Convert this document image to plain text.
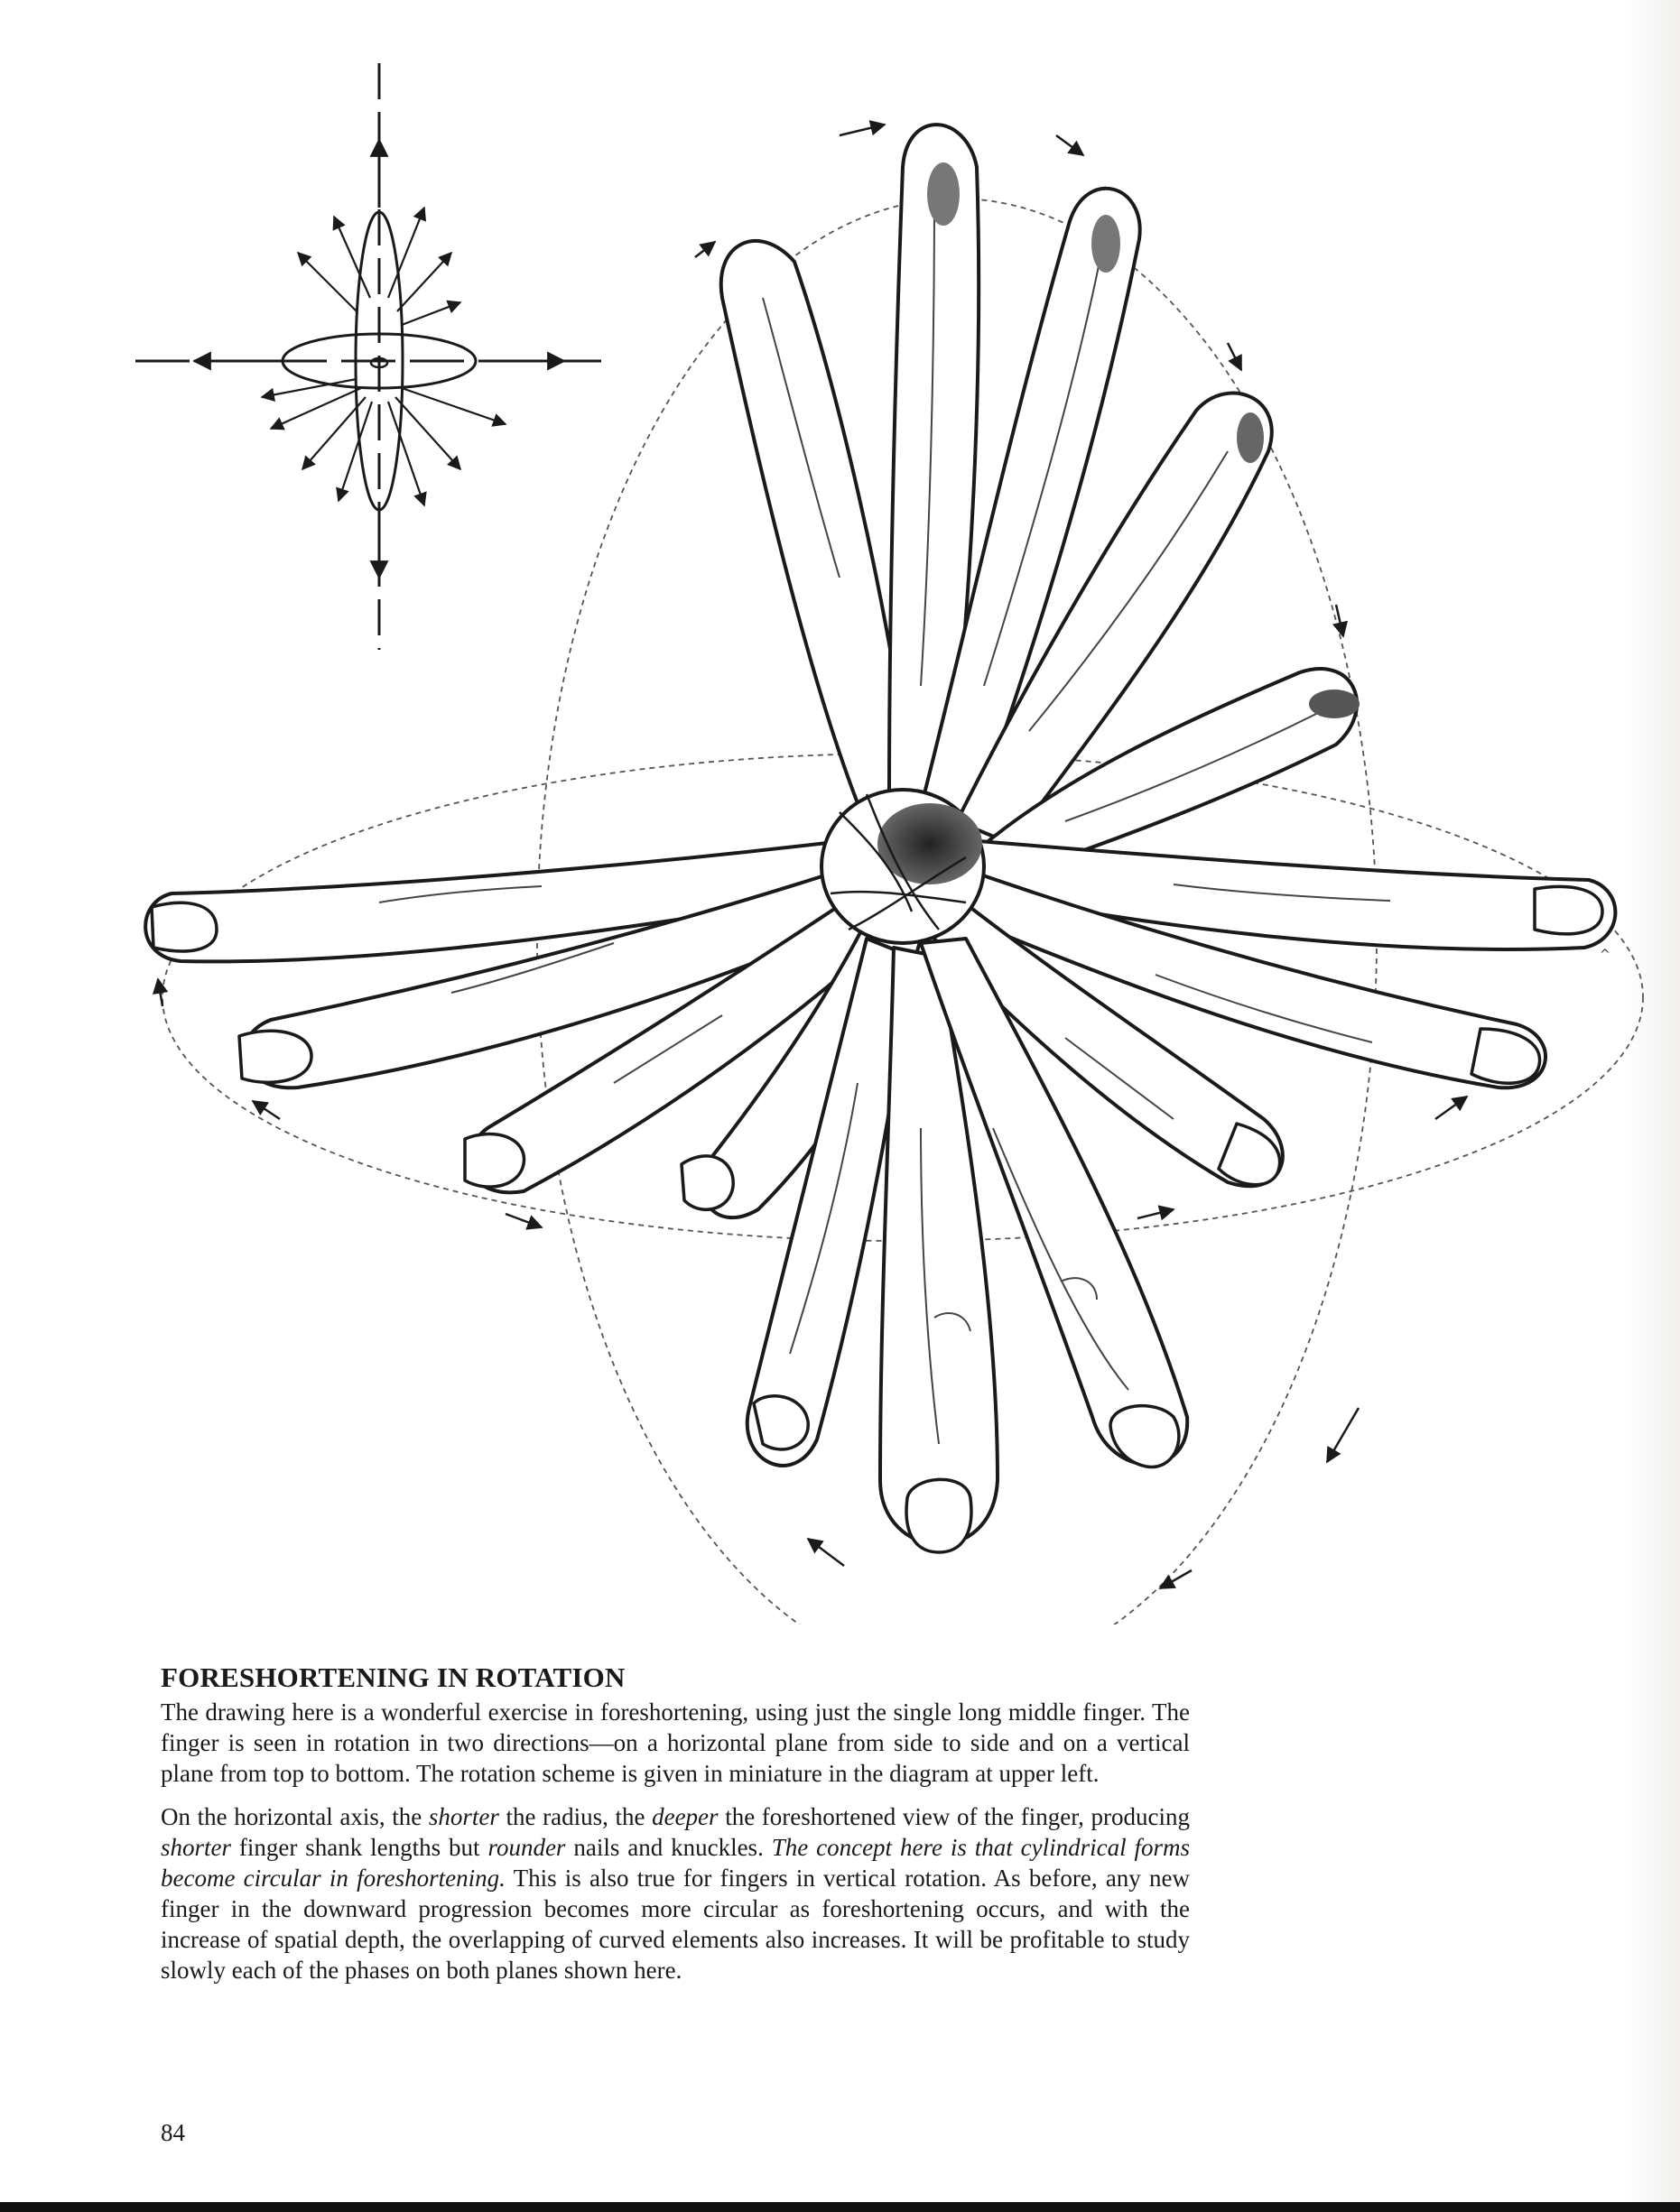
^
FORESHORTENING IN ROTATION

The drawing here is a wonderful exercise in foreshortening, using just the single long middle finger. The finger is seen in rotation in two directions—on a horizontal plane from side to side and on a vertical plane from top to bottom. The rotation scheme is given in miniature in the diagram at upper left.

On the horizontal axis, the shorter the radius, the deeper the foreshortened view of the finger, producing shorter finger shank lengths but rounder nails and knuckles. The concept here is that cylindrical forms become circular in foreshortening. This is also true for fingers in vertical rotation. As before, any new finger in the downward progression becomes more circular as foreshortening occurs, and with the increase of spatial depth, the overlapping of curved elements also increases. It will be profitable to study slowly each of the phases on both planes shown here.

84
